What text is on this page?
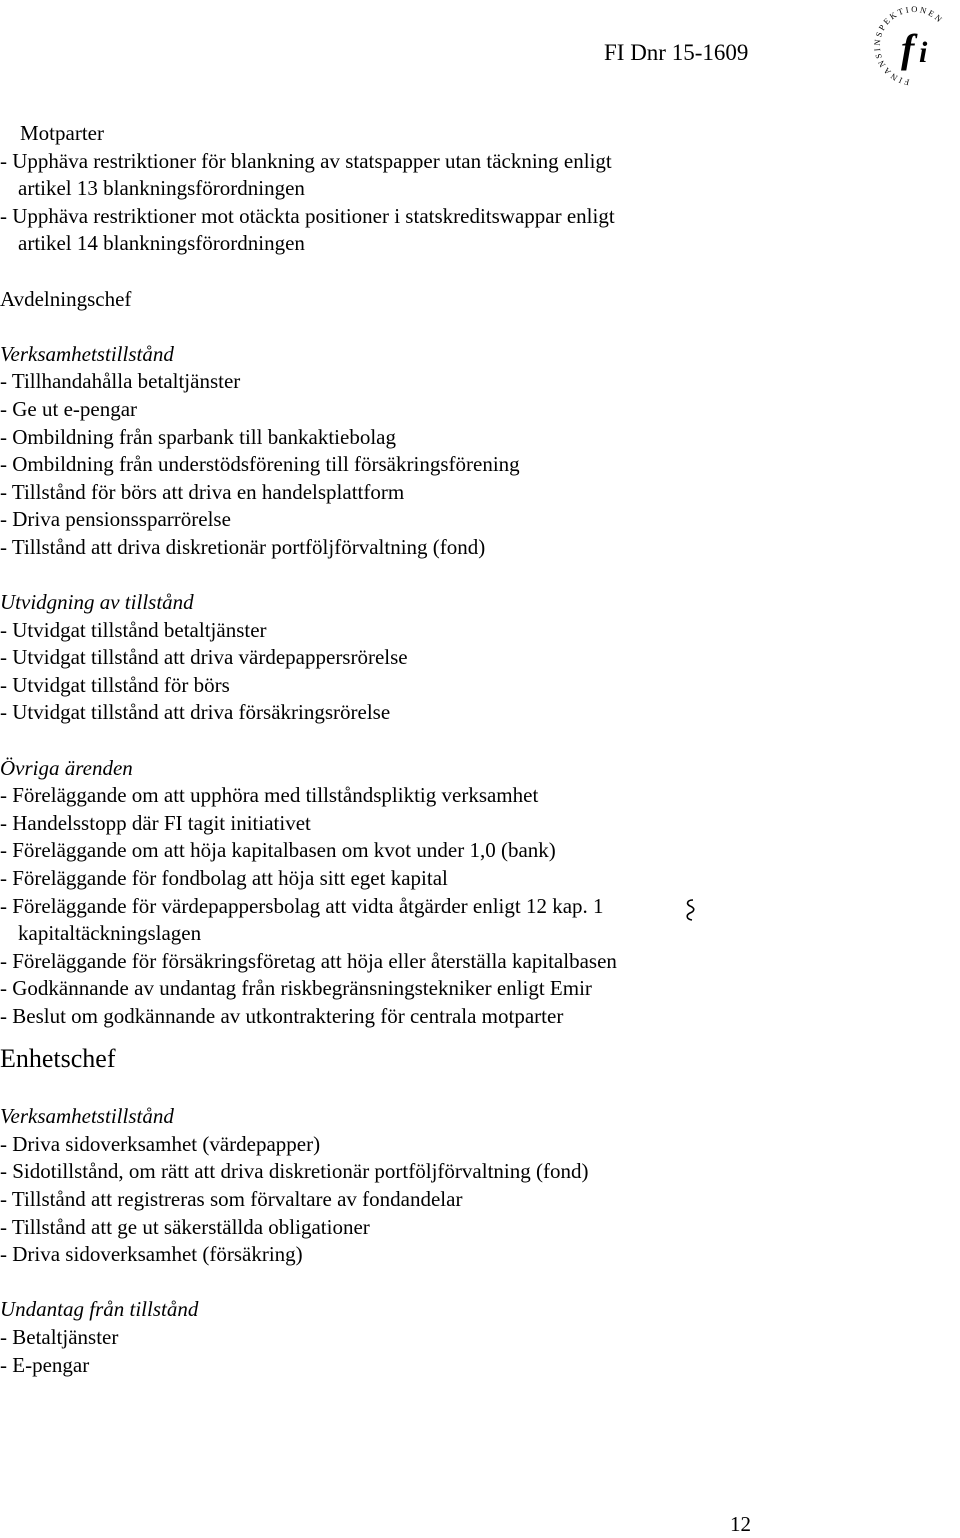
FI Dnr 15-1609
FINANSINSPEKTIONEN
f i
Motparter
- Upphäva restriktioner för blankning av statspapper utan täckning enligt
artikel 13 blankningsförordningen
- Upphäva restriktioner mot otäckta positioner i statskreditswappar enligt
artikel 14 blankningsförordningen
Avdelningschef
Verksamhetstillstånd
- Tillhandahålla betaltjänster
- Ge ut e-pengar
- Ombildning från sparbank till bankaktiebolag
- Ombildning från understödsförening till försäkringsförening
- Tillstånd för börs att driva en handelsplattform
- Driva pensionssparrörelse
- Tillstånd att driva diskretionär portföljförvaltning (fond)
Utvidgning av tillstånd
- Utvidgat tillstånd betaltjänster
- Utvidgat tillstånd att driva värdepappersrörelse
- Utvidgat tillstånd för börs
- Utvidgat tillstånd att driva försäkringsrörelse
Övriga ärenden
- Föreläggande om att upphöra med tillståndspliktig verksamhet
- Handelsstopp där FI tagit initiativet
- Föreläggande om att höja kapitalbasen om kvot under 1,0 (bank)
- Föreläggande för fondbolag att höja sitt eget kapital
- Föreläggande för värdepappersbolag att vidta åtgärder enligt 12 kap. 1
kapitaltäckningslagen
- Föreläggande för försäkringsföretag att höja eller återställa kapitalbasen
- Godkännande av undantag från riskbegränsningstekniker enligt Emir
- Beslut om godkännande av utkontraktering för centrala motparter
Enhetschef
Verksamhetstillstånd
- Driva sidoverksamhet (värdepapper)
- Sidotillstånd, om rätt att driva diskretionär portföljförvaltning (fond)
- Tillstånd att registreras som förvaltare av fondandelar
- Tillstånd att ge ut säkerställda obligationer
- Driva sidoverksamhet (försäkring)
Undantag från tillstånd
- Betaltjänster
- E-pengar
12
